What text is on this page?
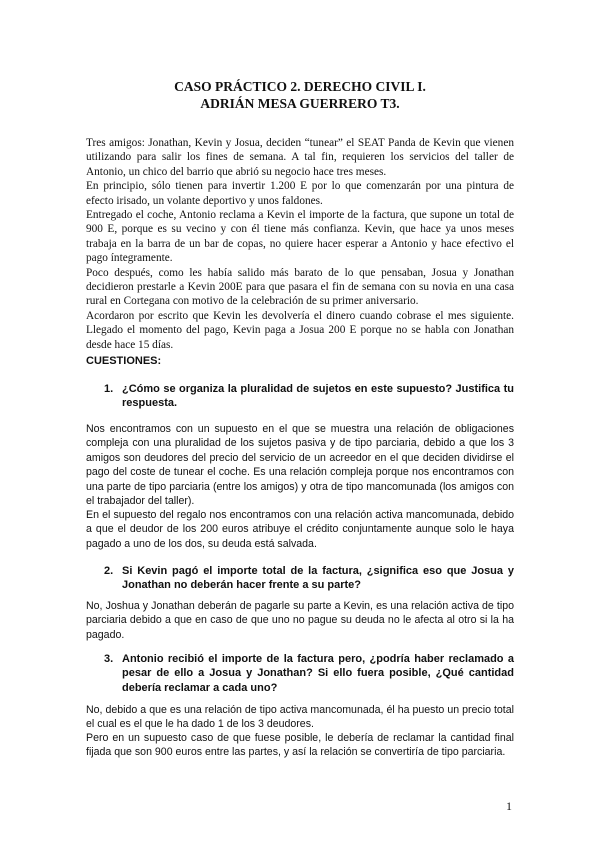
CASO PRÁCTICO 2. DERECHO CIVIL I.
ADRIÁN MESA GUERRERO T3.

Tres amigos: Jonathan, Kevin y Josua, deciden “tunear” el SEAT Panda de Kevin que vienen utilizando para salir los fines de semana. A tal fin, requieren los servicios del taller de Antonio, un chico del barrio que abrió su negocio hace tres meses.

En principio, sólo tienen para invertir 1.200 E por lo que comenzarán por una pintura de efecto irisado, un volante deportivo y unos faldones.

Entregado el coche, Antonio reclama a Kevin el importe de la factura, que supone un total de 900 E, porque es su vecino y con él tiene más confianza. Kevin, que hace ya unos meses trabaja en la barra de un bar de copas, no quiere hacer esperar a Antonio y hace efectivo el pago íntegramente.

Poco después, como les había salido más barato de lo que pensaban, Josua y Jonathan decidieron prestarle a Kevin 200E para que pasara el fin de semana con su novia en una casa rural en Cortegana con motivo de la celebración de su primer aniversario.

Acordaron por escrito que Kevin les devolvería el dinero cuando cobrase el mes siguiente. Llegado el momento del pago, Kevin paga a Josua 200 E porque no se habla con Jonathan desde hace 15 días.

CUESTIONES:
1. ¿Cómo se organiza la pluralidad de sujetos en este supuesto? Justifica tu respuesta.

Nos encontramos con un supuesto en el que se muestra una relación de obligaciones compleja con una pluralidad de los sujetos pasiva y de tipo parciaria, debido a que los 3 amigos son deudores del precio del servicio de un acreedor en el que deciden dividirse el pago del coste de tunear el coche. Es una relación compleja porque nos encontramos con una parte de tipo parciaria (entre los amigos) y otra de tipo mancomunada (los amigos con el trabajador del taller).

En el supuesto del regalo nos encontramos con una relación activa mancomunada, debido a que el deudor de los 200 euros atribuye el crédito conjuntamente aunque solo le haya pagado a uno de los dos, su deuda está salvada.

2. Si Kevin pagó el importe total de la factura, ¿significa eso que Josua y Jonathan no deberán hacer frente a su parte?

No, Joshua y Jonathan deberán de pagarle su parte a Kevin, es una relación activa de tipo parciaria debido a que en caso de que uno no pague su deuda no le afecta al otro si la ha pagado.

3. Antonio recibió el importe de la factura pero, ¿podría haber reclamado a pesar de ello a Josua y Jonathan? Si ello fuera posible, ¿Qué cantidad debería reclamar a cada uno?

No, debido a que es una relación de tipo activa mancomunada, él ha puesto un precio total el cual es el que le ha dado 1 de los 3 deudores.

Pero en un supuesto caso de que fuese posible, le debería de reclamar la cantidad final fijada que son 900 euros entre las partes, y así la relación se convertiría de tipo parciaria.

1
